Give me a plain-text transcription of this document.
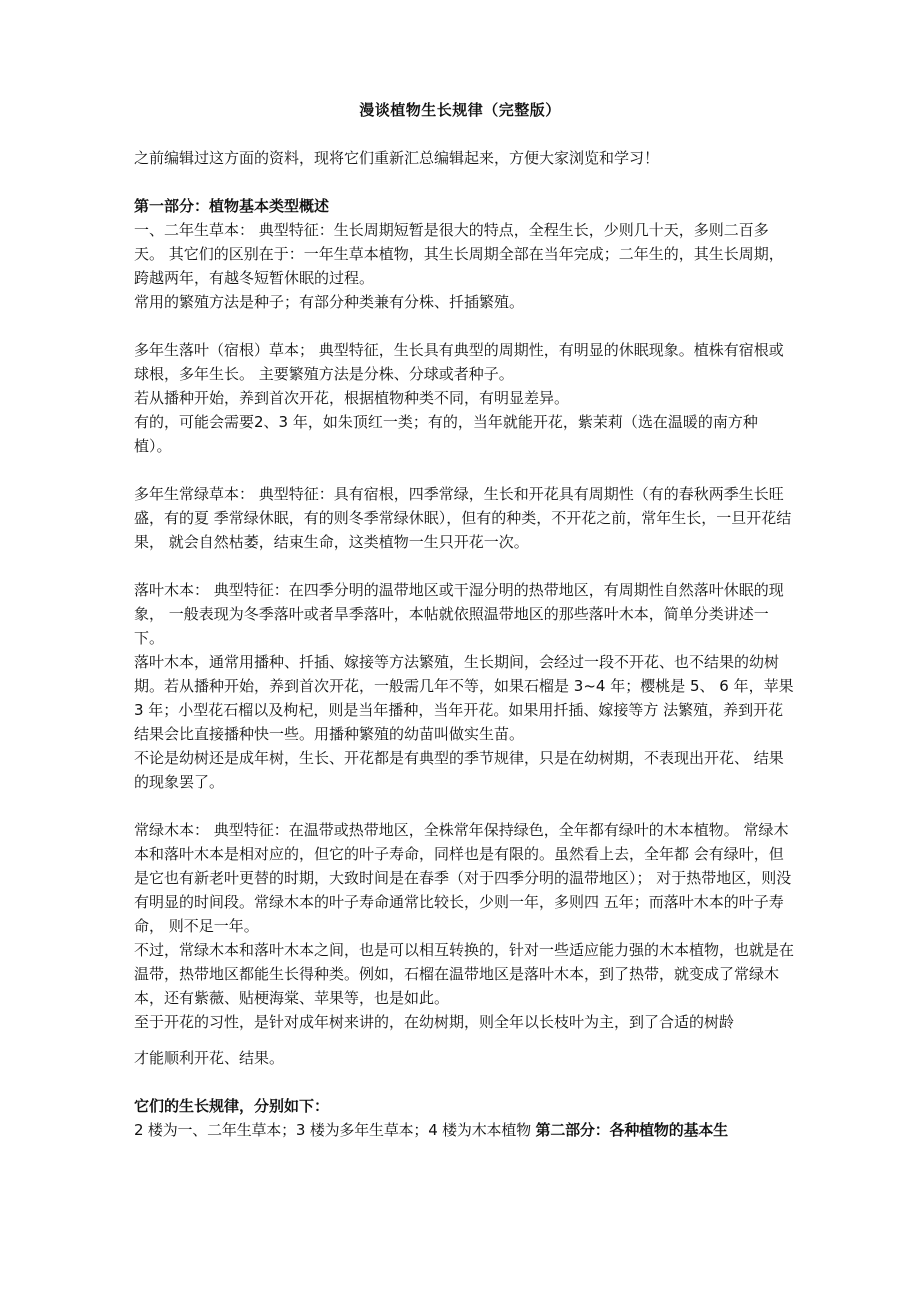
漫谈植物生长规律（完整版）

之前编辑过这方面的资料，现将它们重新汇总编辑起来，方便大家浏览和学习！

第一部分：植物基本类型概述

一、二年生草本： 典型特征：生长周期短暂是很大的特点，全程生长，少则几十天，多则二百多天。 其它们的区别在于：一年生草本植物，其生长周期全部在当年完成；二年生的，其生长周期， 跨越两年，有越冬短暂休眠的过程。

常用的繁殖方法是种子；有部分种类兼有分株、扦插繁殖。

多年生落叶（宿根）草本； 典型特征，生长具有典型的周期性，有明显的休眠现象。植株有宿根或球根，多年生长。 主要繁殖方法是分株、分球或者种子。

若从播种开始，养到首次开花，根据植物种类不同，有明显差异。

有的，可能会需要2、3 年，如朱顶红一类；有的，当年就能开花，紫茉莉（选在温暖的南方种植）。

多年生常绿草本： 典型特征：具有宿根，四季常绿，生长和开花具有周期性（有的春秋两季生长旺盛，有的夏 季常绿休眠，有的则冬季常绿休眠），但有的种类，不开花之前，常年生长，一旦开花结果， 就会自然枯萎，结束生命，这类植物一生只开花一次。

落叶木本： 典型特征：在四季分明的温带地区或干湿分明的热带地区，有周期性自然落叶休眠的现象， 一般表现为冬季落叶或者旱季落叶，本帖就依照温带地区的那些落叶木本，简单分类讲述一 下。

落叶木本，通常用播种、扦插、嫁接等方法繁殖，生长期间，会经过一段不开花、也不结果的幼树期。若从播种开始，养到首次开花，一般需几年不等，如果石榴是 3~4 年；樱桃是 5、 6 年，苹果 3 年；小型花石榴以及枸杞，则是当年播种，当年开花。如果用扦插、嫁接等方 法繁殖，养到开花结果会比直接播种快一些。用播种繁殖的幼苗叫做实生苗。

不论是幼树还是成年树，生长、开花都是有典型的季节规律，只是在幼树期，不表现出开花、 结果的现象罢了。

常绿木本： 典型特征：在温带或热带地区，全株常年保持绿色，全年都有绿叶的木本植物。 常绿木本和落叶木本是相对应的，但它的叶子寿命，同样也是有限的。虽然看上去，全年都 会有绿叶，但是它也有新老叶更替的时期，大致时间是在春季（对于四季分明的温带地区）； 对于热带地区，则没有明显的时间段。常绿木本的叶子寿命通常比较长，少则一年，多则四 五年；而落叶木本的叶子寿命， 则不足一年。

不过，常绿木本和落叶木本之间，也是可以相互转换的，针对一些适应能力强的木本植物，也就是在温带，热带地区都能生长得种类。例如，石榴在温带地区是落叶木本，到了热带，就变成了常绿木本，还有紫薇、贴梗海棠、苹果等，也是如此。

至于开花的习性，是针对成年树来讲的，在幼树期，则全年以长枝叶为主，到了合适的树龄

才能顺利开花、结果。

它们的生长规律，分别如下：

2 楼为一、二年生草本；3 楼为多年生草本；4 楼为木本植物 第二部分：各种植物的基本生
